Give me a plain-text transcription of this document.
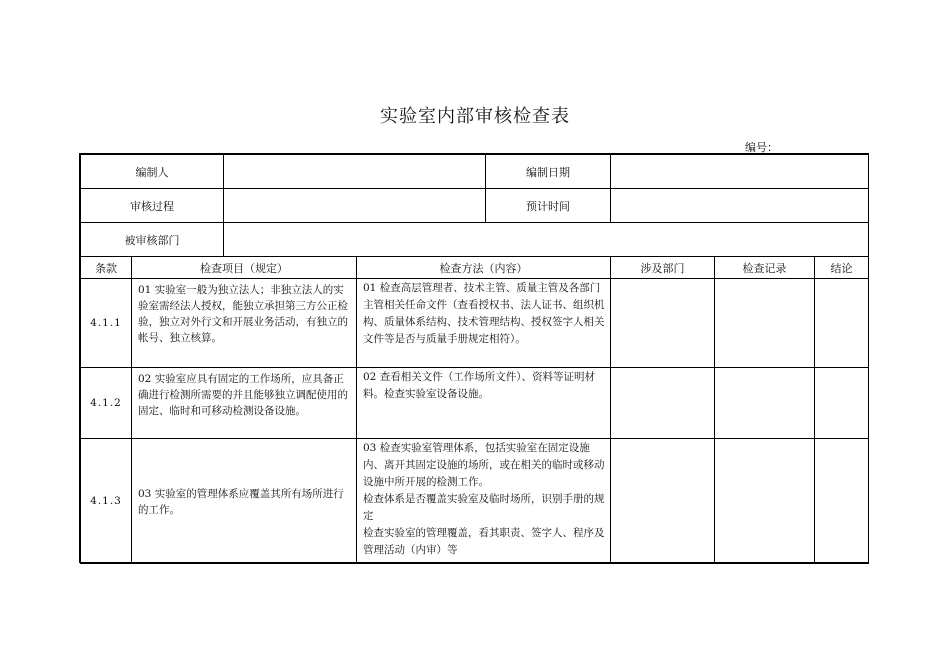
实验室内部审核检查表
编号：
编制人				编制日期			
审核过程				预计时间			
被审核部门							
条款	检查项目（规定）		检查方法（内容）		涉及部门	检查记录	结论
4.1.1	01 实验室一般为独立法人；非独立法人的实验室需经法人授权，能独立承担第三方公正检验，独立对外行文和开展业务活动，有独立的帐号、独立核算。		01 检查高层管理者、技术主管、质量主管及各部门主管相关任命文件（查看授权书、法人证书、组织机构、质量体系结构、技术管理结构、授权签字人相关文件等是否与质量手册规定相符）。				
4.1.2	02 实验室应具有固定的工作场所，应具备正确进行检测所需要的并且能够独立调配使用的固定、临时和可移动检测设备设施。		02 查看相关文件（工作场所文件）、资料等证明材料。检查实验室设备设施。				
4.1.3	03 实验室的管理体系应覆盖其所有场所进行的工作。		03 检查实验室管理体系，包括实验室在固定设施内、离开其固定设施的场所，或在相关的临时或移动设施中所开展的检测工作。
检查体系是否覆盖实验室及临时场所，识别手册的规定
检查实验室的管理覆盖，看其职责、签字人、程序及管理活动（内审）等				
